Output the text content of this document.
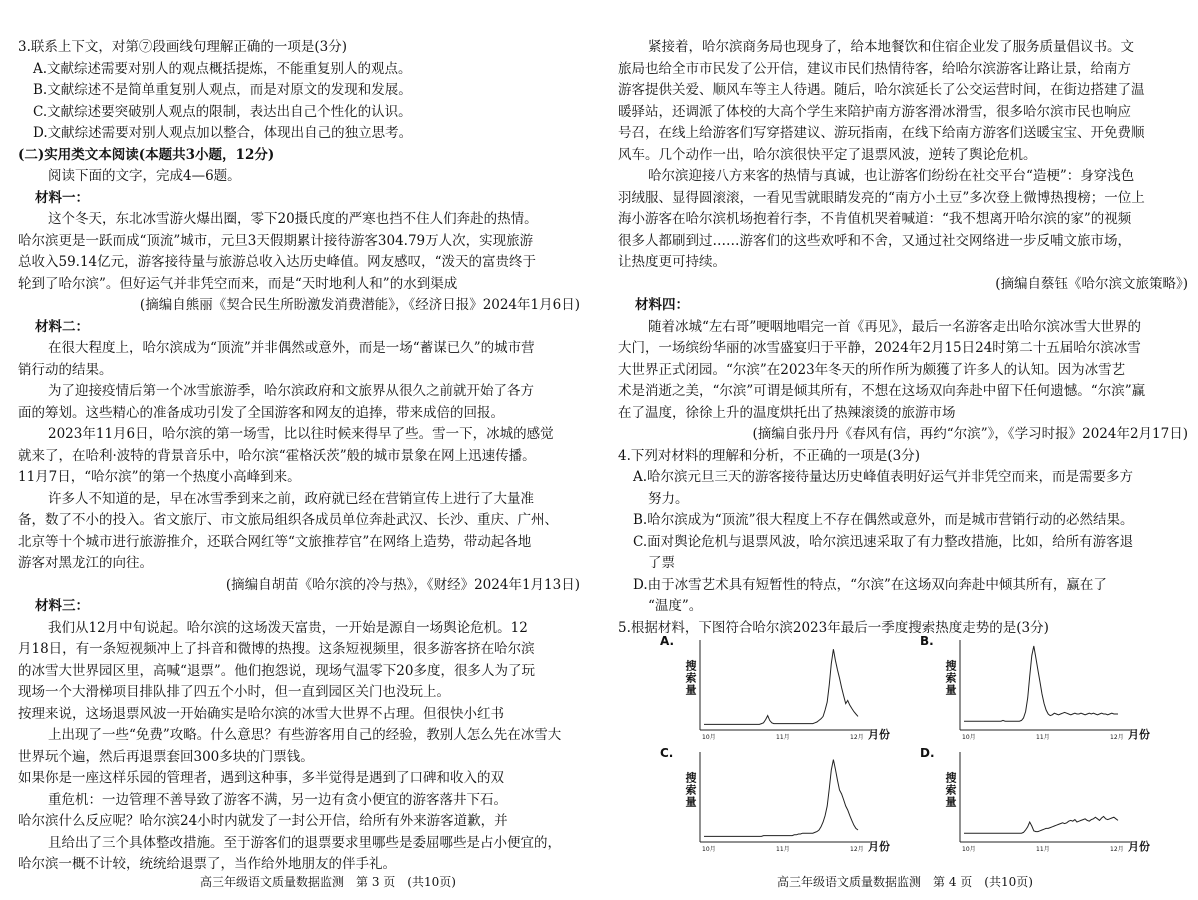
3.联系上下文，对第⑦段画线句理解正确的一项是(3分)
A.文献综述需要对别人的观点概括提炼，不能重复别人的观点。
B.文献综述不是简单重复别人观点，而是对原文的发现和发展。
C.文献综述要突破别人观点的限制，表达出自己个性化的认识。
D.文献综述需要对别人观点加以整合，体现出自己的独立思考。
(二)实用类文本阅读(本题共3小题，12分)
阅读下面的文字，完成4—6题。
材料一：
这个冬天，东北冰雪游火爆出圈，零下20摄氏度的严寒也挡不住人们奔赴的热情。
哈尔滨更是一跃而成“顶流”城市，元旦3天假期累计接待游客304.79万人次，实现旅游
总收入59.14亿元，游客接待量与旅游总收入达历史峰值。网友感叹，“泼天的富贵终于
轮到了哈尔滨”。但好运气并非凭空而来，而是“天时地利人和”的水到渠成
(摘编自熊丽《契合民生所盼激发消费潜能》，《经济日报》2024年1月6日)
材料二：
在很大程度上，哈尔滨成为“顶流”并非偶然或意外，而是一场“蓄谋已久”的城市营
销行动的结果。
为了迎接疫情后第一个冰雪旅游季，哈尔滨政府和文旅界从很久之前就开始了各方
面的筹划。这些精心的准备成功引发了全国游客和网友的追捧，带来成倍的回报。
2023年11月6日，哈尔滨的第一场雪，比以往时候来得早了些。雪一下，冰城的感觉
就来了，在哈利·波特的背景音乐中，哈尔滨“霍格沃茨”般的城市景象在网上迅速传播。
11月7日，“哈尔滨”的第一个热度小高峰到来。
许多人不知道的是，早在冰雪季到来之前，政府就已经在营销宣传上进行了大量准
备，数了不小的投入。省文旅厅、市文旅局组织各成员单位奔赴武汉、长沙、重庆、广州、
北京等十个城市进行旅游推介，还联合网红等“文旅推荐官”在网络上造势，带动起各地
游客对黑龙江的向往。
(摘编自胡苗《哈尔滨的冷与热》，《财经》2024年1月13日)
材料三：
我们从12月中旬说起。哈尔滨的这场泼天富贵，一开始是源自一场舆论危机。12
月18日，有一条短视频冲上了抖音和微博的热搜。这条短视频里，很多游客挤在哈尔滨
的冰雪大世界园区里，高喊“退票”。他们抱怨说，现场气温零下20多度，很多人为了玩
现场一个大滑梯项目排队排了四五个小时，但一直到园区关门也没玩上。
按理来说，这场退票风波一开始确实是哈尔滨的冰雪大世界不占理。但很快小红书
上出现了一些“免费”攻略。什么意思？有些游客用自己的经验，教别人怎么先在冰雪大
世界玩个遍，然后再退票套回300多块的门票钱。
如果你是一座这样乐园的管理者，遇到这种事，多半觉得是遇到了口碑和收入的双
重危机：一边管理不善导致了游客不满，另一边有贪小便宜的游客落井下石。
哈尔滨什么反应呢？哈尔滨24小时内就发了一封公开信，给所有外来游客道歉，并
且给出了三个具体整改措施。至于游客们的退票要求里哪些是委屈哪些是占小便宜的，
哈尔滨一概不计较，统统给退票了，当作给外地朋友的伴手礼。
紧接着，哈尔滨商务局也现身了，给本地餐饮和住宿企业发了服务质量倡议书。文
旅局也给全市市民发了公开信，建议市民们热情待客，给哈尔滨游客让路让景，给南方
游客提供关爱、顺风车等主人待遇。随后，哈尔滨延长了公交运营时间，在街边搭建了温
暖驿站，还调派了体校的大高个学生来陪护南方游客滑冰滑雪，很多哈尔滨市民也响应
号召，在线上给游客们写穿搭建议、游玩指南，在线下给南方游客们送暖宝宝、开免费顺
风车。几个动作一出，哈尔滨很快平定了退票风波，逆转了舆论危机。
哈尔滨迎接八方来客的热情与真诚，也让游客们纷纷在社交平台“造梗”：身穿浅色
羽绒服、显得圆滚滚，一看见雪就眼睛发亮的“南方小土豆”多次登上微博热搜榜；一位上
海小游客在哈尔滨机场抱着行李，不肯值机哭着喊道：“我不想离开哈尔滨的家”的视频
很多人都刷到过……游客们的这些欢呼和不舍，又通过社交网络进一步反哺文旅市场，
让热度更可持续。
(摘编自蔡钰《哈尔滨文旅策略》)
材料四：
随着冰城“左右哥”哽咽地唱完一首《再见》，最后一名游客走出哈尔滨冰雪大世界的
大门，一场缤纷华丽的冰雪盛宴归于平静，2024年2月15日24时第二十五届哈尔滨冰雪
大世界正式闭园。“尔滨”在2023年冬天的所作所为颇獲了许多人的认知。因为冰雪艺
术是消逝之美，“尔滨”可谓是倾其所有，不想在这场双向奔赴中留下任何遗憾。“尔滨”赢
在了温度，徐徐上升的温度烘托出了热辣滚烫的旅游市场
(摘编自张丹丹《春风有信，再约“尔滨”》，《学习时报》2024年2月17日)
4.下列对材料的理解和分析，不正确的一项是(3分)
A.哈尔滨元旦三天的游客接待量达历史峰值表明好运气并非凭空而来，而是需要多方
努力。
B.哈尔滨成为“顶流”很大程度上不存在偶然或意外，而是城市营销行动的必然结果。
C.面对舆论危机与退票风波，哈尔滨迅速采取了有力整改措施，比如，给所有游客退
了票
D.由于冰雪艺术具有短暂性的特点，“尔滨”在这场双向奔赴中倾其所有，赢在了
“温度”。
5.根据材料，下图符合哈尔滨2023年最后一季度搜索热度走势的是(3分)
高三年级语文质量数据监测　第 3 页　(共10页)	高三年级语文质量数据监测　第 4 页　(共10页)
A.
搜索量
月份
10月	11月	12月
B.
搜索量
月份
10月	11月	12月
C.
搜索量
月份
10月	11月	12月
D.
搜索量
月份
10月	11月	12月
